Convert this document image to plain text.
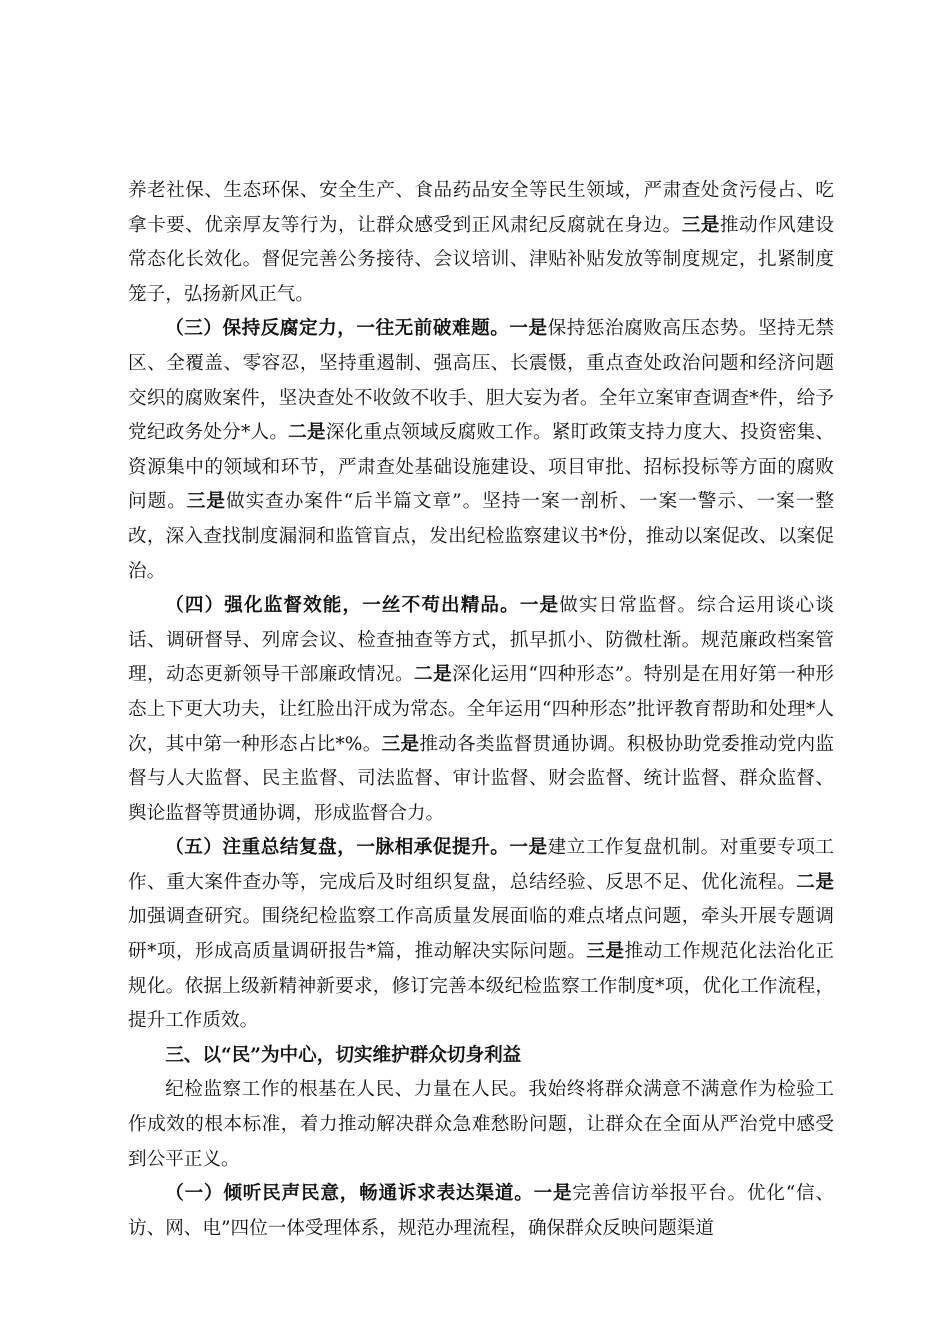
养老社保、生态环保、安全生产、食品药品安全等民生领域，严肃查处贪污侵占、吃拿卡要、优亲厚友等行为，让群众感受到正风肃纪反腐就在身边。三是推动作风建设常态化长效化。督促完善公务接待、会议培训、津贴补贴发放等制度规定，扎紧制度笼子，弘扬新风正气。

（三）保持反腐定力，一往无前破难题。一是保持惩治腐败高压态势。坚持无禁区、全覆盖、零容忍，坚持重遏制、强高压、长震慑，重点查处政治问题和经济问题交织的腐败案件，坚决查处不收敛不收手、胆大妄为者。全年立案审查调查*件，给予党纪政务处分*人。二是深化重点领域反腐败工作。紧盯政策支持力度大、投资密集、资源集中的领域和环节，严肃查处基础设施建设、项目审批、招标投标等方面的腐败问题。三是做实查办案件“后半篇文章”。坚持一案一剖析、一案一警示、一案一整改，深入查找制度漏洞和监管盲点，发出纪检监察建议书*份，推动以案促改、以案促治。

（四）强化监督效能，一丝不苟出精品。一是做实日常监督。综合运用谈心谈话、调研督导、列席会议、检查抽查等方式，抓早抓小、防微杜渐。规范廉政档案管理，动态更新领导干部廉政情况。二是深化运用“四种形态”。特别是在用好第一种形态上下更大功夫，让红脸出汗成为常态。全年运用“四种形态”批评教育帮助和处理*人次，其中第一种形态占比*%。三是推动各类监督贯通协调。积极协助党委推动党内监督与人大监督、民主监督、司法监督、审计监督、财会监督、统计监督、群众监督、舆论监督等贯通协调，形成监督合力。

（五）注重总结复盘，一脉相承促提升。一是建立工作复盘机制。对重要专项工作、重大案件查办等，完成后及时组织复盘，总结经验、反思不足、优化流程。二是加强调查研究。围绕纪检监察工作高质量发展面临的难点堵点问题，牵头开展专题调研*项，形成高质量调研报告*篇，推动解决实际问题。三是推动工作规范化法治化正规化。依据上级新精神新要求，修订完善本级纪检监察工作制度*项，优化工作流程，提升工作质效。

三、以“民”为中心，切实维护群众切身利益

纪检监察工作的根基在人民、力量在人民。我始终将群众满意不满意作为检验工作成效的根本标准，着力推动解决群众急难愁盼问题，让群众在全面从严治党中感受到公平正义。

（一）倾听民声民意，畅通诉求表达渠道。一是完善信访举报平台。优化“信、访、网、电”四位一体受理体系，规范办理流程，确保群众反映问题渠道
